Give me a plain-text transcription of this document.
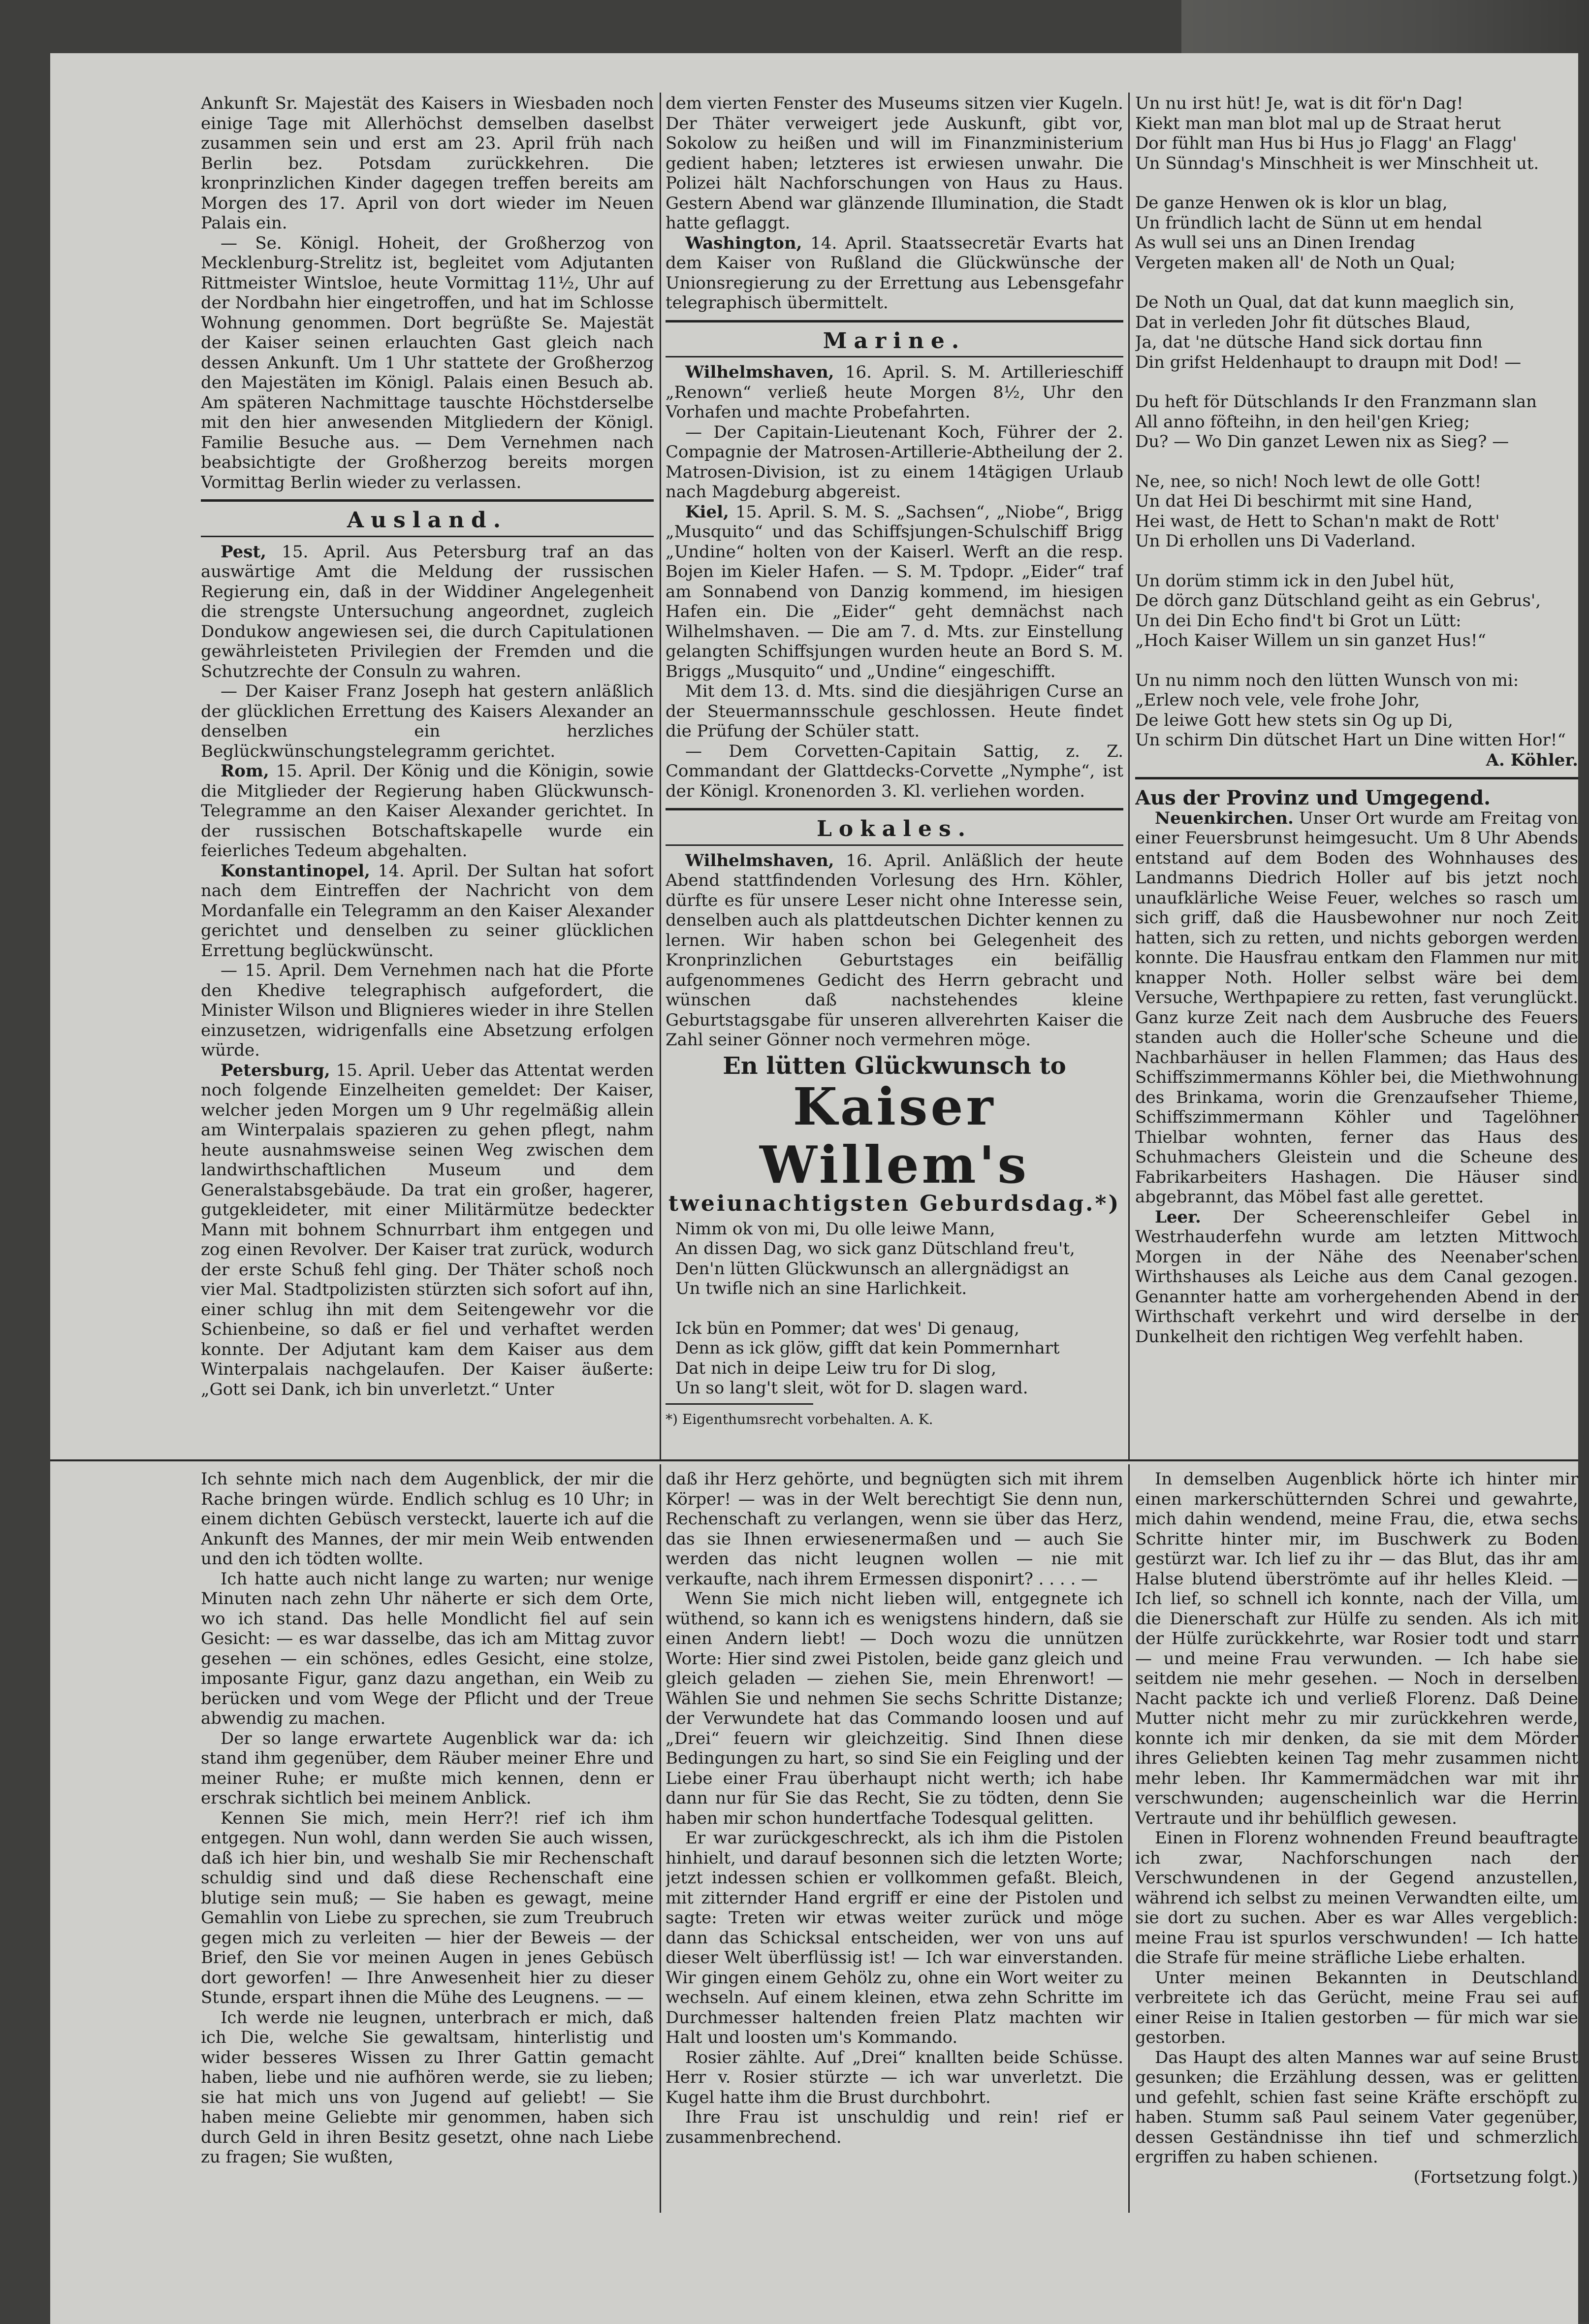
Ankunft Sr. Majestät des Kaisers in Wiesbaden noch einige Tage mit Allerhöchst demselben daselbst zusammen sein und erst am 23. April früh nach Berlin bez. Potsdam zurückkehren. Die kronprinzlichen Kinder dagegen treffen bereits am Morgen des 17. April von dort wieder im Neuen Palais ein.

— Se. Königl. Hoheit, der Großherzog von Mecklenburg-Strelitz ist, begleitet vom Adjutanten Rittmeister Wintsloe, heute Vormittag 11½, Uhr auf der Nordbahn hier eingetroffen, und hat im Schlosse Wohnung genommen. Dort begrüßte Se. Majestät der Kaiser seinen erlauchten Gast gleich nach dessen Ankunft. Um 1 Uhr stattete der Großherzog den Majestäten im Königl. Palais einen Besuch ab. Am späteren Nachmittage tauschte Höchstderselbe mit den hier anwesenden Mitgliedern der Königl. Familie Besuche aus. — Dem Vernehmen nach beabsichtigte der Großherzog bereits morgen Vormittag Berlin wieder zu verlassen.

Ausland.

Pest, 15. April. Aus Petersburg traf an das auswärtige Amt die Meldung der russischen Regierung ein, daß in der Widdiner Angelegenheit die strengste Untersuchung angeordnet, zugleich Dondukow angewiesen sei, die durch Capitulationen gewährleisteten Privilegien der Fremden und die Schutzrechte der Consuln zu wahren.

— Der Kaiser Franz Joseph hat gestern anläßlich der glücklichen Errettung des Kaisers Alexander an denselben ein herzliches Beglückwünschungstelegramm gerichtet.

Rom, 15. April. Der König und die Königin, sowie die Mitglieder der Regierung haben Glückwunsch-Telegramme an den Kaiser Alexander gerichtet. In der russischen Botschaftskapelle wurde ein feierliches Tedeum abgehalten.

Konstantinopel, 14. April. Der Sultan hat sofort nach dem Eintreffen der Nachricht von dem Mordanfalle ein Telegramm an den Kaiser Alexander gerichtet und denselben zu seiner glücklichen Errettung beglückwünscht.

— 15. April. Dem Vernehmen nach hat die Pforte den Khedive telegraphisch aufgefordert, die Minister Wilson und Blignieres wieder in ihre Stellen einzusetzen, widrigenfalls eine Absetzung erfolgen würde.

Petersburg, 15. April. Ueber das Attentat werden noch folgende Einzelheiten gemeldet: Der Kaiser, welcher jeden Morgen um 9 Uhr regelmäßig allein am Winterpalais spazieren zu gehen pflegt, nahm heute ausnahmsweise seinen Weg zwischen dem landwirthschaftlichen Museum und dem Generalstabsgebäude. Da trat ein großer, hagerer, gutgekleideter, mit einer Militärmütze bedeckter Mann mit bohnem Schnurrbart ihm entgegen und zog einen Revolver. Der Kaiser trat zurück, wodurch der erste Schuß fehl ging. Der Thäter schoß noch vier Mal. Stadtpolizisten stürzten sich sofort auf ihn, einer schlug ihn mit dem Seitengewehr vor die Schienbeine, so daß er fiel und verhaftet werden konnte. Der Adjutant kam dem Kaiser aus dem Winterpalais nachgelaufen. Der Kaiser äußerte: „Gott sei Dank, ich bin unverletzt.“ Unter

dem vierten Fenster des Museums sitzen vier Kugeln. Der Thäter verweigert jede Auskunft, gibt vor, Sokolow zu heißen und will im Finanzministerium gedient haben; letzteres ist erwiesen unwahr. Die Polizei hält Nachforschungen von Haus zu Haus. Gestern Abend war glänzende Illumination, die Stadt hatte geflaggt.

Washington, 14. April. Staatssecretär Evarts hat dem Kaiser von Rußland die Glückwünsche der Unionsregierung zu der Errettung aus Lebensgefahr telegraphisch übermittelt.

Marine.

Wilhelmshaven, 16. April. S. M. Artillerieschiff „Renown“ verließ heute Morgen 8½, Uhr den Vorhafen und machte Probefahrten.

— Der Capitain-Lieutenant Koch, Führer der 2. Compagnie der Matrosen-Artillerie-Abtheilung der 2. Matrosen-Division, ist zu einem 14tägigen Urlaub nach Magdeburg abgereist.

Kiel, 15. April. S. M. S. „Sachsen“, „Niobe“, Brigg „Musquito“ und das Schiffsjungen-Schulschiff Brigg „Undine“ holten von der Kaiserl. Werft an die resp. Bojen im Kieler Hafen. — S. M. Tpdopr. „Eider“ traf am Sonnabend von Danzig kommend, im hiesigen Hafen ein. Die „Eider“ geht demnächst nach Wilhelmshaven. — Die am 7. d. Mts. zur Einstellung gelangten Schiffsjungen wurden heute an Bord S. M. Briggs „Musquito“ und „Undine“ eingeschifft.

Mit dem 13. d. Mts. sind die diesjährigen Curse an der Steuermannsschule geschlossen. Heute findet die Prüfung der Schüler statt.

— Dem Corvetten-Capitain Sattig, z. Z. Commandant der Glattdecks-Corvette „Nymphe“, ist der Königl. Kronenorden 3. Kl. verliehen worden.

Lokales.

Wilhelmshaven, 16. April. Anläßlich der heute Abend stattfindenden Vorlesung des Hrn. Köhler, dürfte es für unsere Leser nicht ohne Interesse sein, denselben auch als plattdeutschen Dichter kennen zu lernen. Wir haben schon bei Gelegenheit des Kronprinzlichen Geburtstages ein beifällig aufgenommenes Gedicht des Herrn gebracht und wünschen daß nachstehendes kleine Geburtstagsgabe für unseren allverehrten Kaiser die Zahl seiner Gönner noch vermehren möge.

En lütten Glückwunsch to
Kaiser Willem's
tweiunachtigsten Geburdsdag.*)

Nimm ok von mi, Du olle leiwe Mann,

An dissen Dag, wo sick ganz Dütschland freu't,

Den'n lütten Glückwunsch an allergnädigst an

Un twifle nich an sine Harlichkeit.

Ick bün en Pommer; dat wes' Di genaug,

Denn as ick glöw, gifft dat kein Pommernhart

Dat nich in deipe Leiw tru for Di slog,

Un so lang't sleit, wöt for D. slagen ward.

*) Eigenthumsrecht vorbehalten. A. K.

Un nu irst hüt! Je, wat is dit för'n Dag!

Kiekt man man blot mal up de Straat herut

Dor fühlt man Hus bi Hus jo Flagg' an Flagg'

Un Sünndag's Minschheit is wer Minschheit ut.

De ganze Henwen ok is klor un blag,

Un fründlich lacht de Sünn ut em hendal

As wull sei uns an Dinen Irendag

Vergeten maken all' de Noth un Qual;

De Noth un Qual, dat dat kunn maeglich sin,

Dat in verleden Johr fit dütsches Blaud,

Ja, dat 'ne dütsche Hand sick dortau finn

Din grifst Heldenhaupt to draupn mit Dod! —

Du heft för Dütschlands Ir den Franzmann slan

All anno föfteihn, in den heil'gen Krieg;

Du? — Wo Din ganzet Lewen nix as Sieg? —

Ne, nee, so nich! Noch lewt de olle Gott!

Un dat Hei Di beschirmt mit sine Hand,

Hei wast, de Hett to Schan'n makt de Rott'

Un Di erhollen uns Di Vaderland.

Un dorüm stimm ick in den Jubel hüt,

De dörch ganz Dütschland geiht as ein Gebrus',

Un dei Din Echo find't bi Grot un Lütt:

„Hoch Kaiser Willem un sin ganzet Hus!“

Un nu nimm noch den lütten Wunsch von mi:

„Erlew noch vele, vele frohe Johr,

De leiwe Gott hew stets sin Og up Di,

Un schirm Din dütschet Hart un Dine witten Hor!“

A. Köhler.

Aus der Provinz und Umgegend.

Neuenkirchen. Unser Ort wurde am Freitag von einer Feuersbrunst heimgesucht. Um 8 Uhr Abends entstand auf dem Boden des Wohnhauses des Landmanns Diedrich Holler auf bis jetzt noch unaufklärliche Weise Feuer, welches so rasch um sich griff, daß die Hausbewohner nur noch Zeit hatten, sich zu retten, und nichts geborgen werden konnte. Die Hausfrau entkam den Flammen nur mit knapper Noth. Holler selbst wäre bei dem Versuche, Werthpapiere zu retten, fast verunglückt. Ganz kurze Zeit nach dem Ausbruche des Feuers standen auch die Holler'sche Scheune und die Nachbarhäuser in hellen Flammen; das Haus des Schiffszimmermanns Köhler bei, die Miethwohnung des Brinkama, worin die Grenzaufseher Thieme, Schiffszimmermann Köhler und Tagelöhner Thielbar wohnten, ferner das Haus des Schuhmachers Gleistein und die Scheune des Fabrikarbeiters Hashagen. Die Häuser sind abgebrannt, das Möbel fast alle gerettet.

Leer. Der Scheerenschleifer Gebel in Westrhauderfehn wurde am letzten Mittwoch Morgen in der Nähe des Neenaber'schen Wirthshauses als Leiche aus dem Canal gezogen. Genannter hatte am vorhergehenden Abend in der Wirthschaft verkehrt und wird derselbe in der Dunkelheit den richtigen Weg verfehlt haben.

Ich sehnte mich nach dem Augenblick, der mir die Rache bringen würde. Endlich schlug es 10 Uhr; in einem dichten Gebüsch versteckt, lauerte ich auf die Ankunft des Mannes, der mir mein Weib entwenden und den ich tödten wollte.

Ich hatte auch nicht lange zu warten; nur wenige Minuten nach zehn Uhr näherte er sich dem Orte, wo ich stand. Das helle Mondlicht fiel auf sein Gesicht: — es war dasselbe, das ich am Mittag zuvor gesehen — ein schönes, edles Gesicht, eine stolze, imposante Figur, ganz dazu angethan, ein Weib zu berücken und vom Wege der Pflicht und der Treue abwendig zu machen.

Der so lange erwartete Augenblick war da: ich stand ihm gegenüber, dem Räuber meiner Ehre und meiner Ruhe; er mußte mich kennen, denn er erschrak sichtlich bei meinem Anblick.

Kennen Sie mich, mein Herr?! rief ich ihm entgegen. Nun wohl, dann werden Sie auch wissen, daß ich hier bin, und weshalb Sie mir Rechenschaft schuldig sind und daß diese Rechenschaft eine blutige sein muß; — Sie haben es gewagt, meine Gemahlin von Liebe zu sprechen, sie zum Treubruch gegen mich zu verleiten — hier der Beweis — der Brief, den Sie vor meinen Augen in jenes Gebüsch dort geworfen! — Ihre Anwesenheit hier zu dieser Stunde, erspart ihnen die Mühe des Leugnens. — —

Ich werde nie leugnen, unterbrach er mich, daß ich Die, welche Sie gewaltsam, hinterlistig und wider besseres Wissen zu Ihrer Gattin gemacht haben, liebe und nie aufhören werde, sie zu lieben; sie hat mich uns von Jugend auf geliebt! — Sie haben meine Geliebte mir genommen, haben sich durch Geld in ihren Besitz gesetzt, ohne nach Liebe zu fragen; Sie wußten,

daß ihr Herz gehörte, und begnügten sich mit ihrem Körper! — was in der Welt berechtigt Sie denn nun, Rechenschaft zu verlangen, wenn sie über das Herz, das sie Ihnen erwiesenermaßen und — auch Sie werden das nicht leugnen wollen — nie mit verkaufte, nach ihrem Ermessen disponirt? . . . . —

Wenn Sie mich nicht lieben will, entgegnete ich wüthend, so kann ich es wenigstens hindern, daß sie einen Andern liebt! — Doch wozu die unnützen Worte: Hier sind zwei Pistolen, beide ganz gleich und gleich geladen — ziehen Sie, mein Ehrenwort! — Wählen Sie und nehmen Sie sechs Schritte Distanze; der Verwundete hat das Commando loosen und auf „Drei“ feuern wir gleichzeitig. Sind Ihnen diese Bedingungen zu hart, so sind Sie ein Feigling und der Liebe einer Frau überhaupt nicht werth; ich habe dann nur für Sie das Recht, Sie zu tödten, denn Sie haben mir schon hundertfache Todesqual gelitten.

Er war zurückgeschreckt, als ich ihm die Pistolen hinhielt, und darauf besonnen sich die letzten Worte; jetzt indessen schien er vollkommen gefaßt. Bleich, mit zitternder Hand ergriff er eine der Pistolen und sagte: Treten wir etwas weiter zurück und möge dann das Schicksal entscheiden, wer von uns auf dieser Welt überflüssig ist! — Ich war einverstanden. Wir gingen einem Gehölz zu, ohne ein Wort weiter zu wechseln. Auf einem kleinen, etwa zehn Schritte im Durchmesser haltenden freien Platz machten wir Halt und loosten um's Kommando.

Rosier zählte. Auf „Drei“ knallten beide Schüsse. Herr v. Rosier stürzte — ich war unverletzt. Die Kugel hatte ihm die Brust durchbohrt.

Ihre Frau ist unschuldig und rein! rief er zusammenbrechend.

In demselben Augenblick hörte ich hinter mir einen markerschütternden Schrei und gewahrte, mich dahin wendend, meine Frau, die, etwa sechs Schritte hinter mir, im Buschwerk zu Boden gestürzt war. Ich lief zu ihr — das Blut, das ihr am Halse blutend überströmte auf ihr helles Kleid. — Ich lief, so schnell ich konnte, nach der Villa, um die Dienerschaft zur Hülfe zu senden. Als ich mit der Hülfe zurückkehrte, war Rosier todt und starr — und meine Frau verwunden. — Ich habe sie seitdem nie mehr gesehen. — Noch in derselben Nacht packte ich und verließ Florenz. Daß Deine Mutter nicht mehr zu mir zurückkehren werde, konnte ich mir denken, da sie mit dem Mörder ihres Geliebten keinen Tag mehr zusammen nicht mehr leben. Ihr Kammermädchen war mit ihr verschwunden; augenscheinlich war die Herrin Vertraute und ihr behülflich gewesen.

Einen in Florenz wohnenden Freund beauftragte ich zwar, Nachforschungen nach der Verschwundenen in der Gegend anzustellen, während ich selbst zu meinen Verwandten eilte, um sie dort zu suchen. Aber es war Alles vergeblich: meine Frau ist spurlos verschwunden! — Ich hatte die Strafe für meine sträfliche Liebe erhalten.

Unter meinen Bekannten in Deutschland verbreitete ich das Gerücht, meine Frau sei auf einer Reise in Italien gestorben — für mich war sie gestorben.

Das Haupt des alten Mannes war auf seine Brust gesunken; die Erzählung dessen, was er gelitten und gefehlt, schien fast seine Kräfte erschöpft zu haben. Stumm saß Paul seinem Vater gegenüber, dessen Geständnisse ihn tief und schmerzlich ergriffen zu haben schienen.

(Fortsetzung folgt.)
